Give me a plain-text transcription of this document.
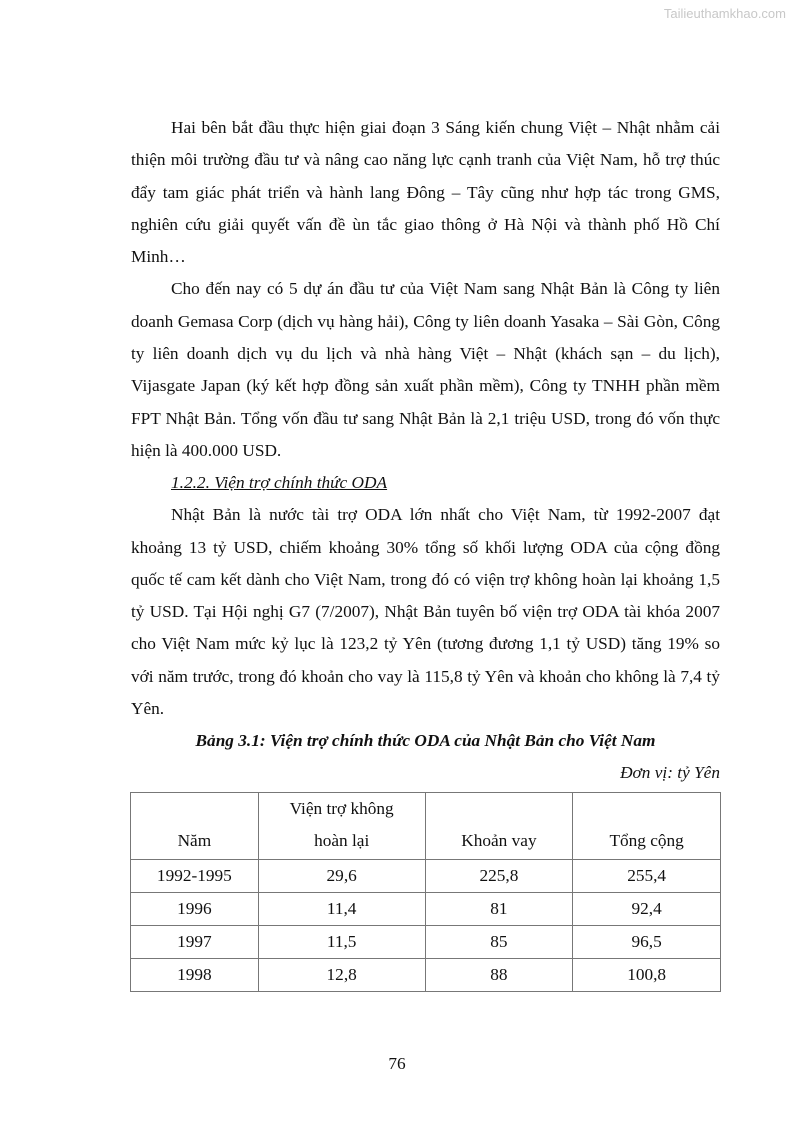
Tailieuthamkhao.com

Hai bên bắt đầu thực hiện giai đoạn 3 Sáng kiến chung Việt – Nhật nhằm cải thiện môi trường đầu tư và nâng cao năng lực cạnh tranh của Việt Nam, hỗ trợ thúc đẩy tam giác phát triển và hành lang Đông – Tây cũng như hợp tác trong GMS, nghiên cứu giải quyết vấn đề ùn tắc giao thông ở Hà Nội và thành phố Hồ Chí Minh…

Cho đến nay có 5 dự án đầu tư của Việt Nam sang Nhật Bản là Công ty liên doanh Gemasa Corp (dịch vụ hàng hải), Công ty liên doanh Yasaka – Sài Gòn, Công ty liên doanh dịch vụ du lịch và nhà hàng Việt – Nhật (khách sạn – du lịch), Vijasgate Japan (ký kết hợp đồng sản xuất phần mềm), Công ty TNHH phần mềm FPT Nhật Bản. Tổng vốn đầu tư sang Nhật Bản là 2,1 triệu USD, trong đó vốn thực hiện là 400.000 USD.

1.2.2. Viện trợ chính thức ODA

Nhật Bản là nước tài trợ ODA lớn nhất cho Việt Nam, từ 1992-2007 đạt khoảng 13 tỷ USD, chiếm khoảng 30% tổng số khối lượng ODA của cộng đồng quốc tế cam kết dành cho Việt Nam, trong đó có viện trợ không hoàn lại khoảng 1,5 tỷ USD. Tại Hội nghị G7 (7/2007), Nhật Bản tuyên bố viện trợ ODA tài khóa 2007 cho Việt Nam mức kỷ lục là 123,2 tỷ Yên (tương đương 1,1 tỷ USD) tăng 19% so với năm trước, trong đó khoản cho vay là 115,8 tỷ Yên và khoản cho không là 7,4 tỷ Yên.

Bảng 3.1: Viện trợ chính thức ODA của Nhật Bản cho Việt Nam

Đơn vị: tỷ Yên

Năm	Viện trợ không hoàn lại	Khoản vay	Tổng cộng
1992-1995	29,6	225,8	255,4
1996	11,4	81	92,4
1997	11,5	85	96,5
1998	12,8	88	100,8
76
